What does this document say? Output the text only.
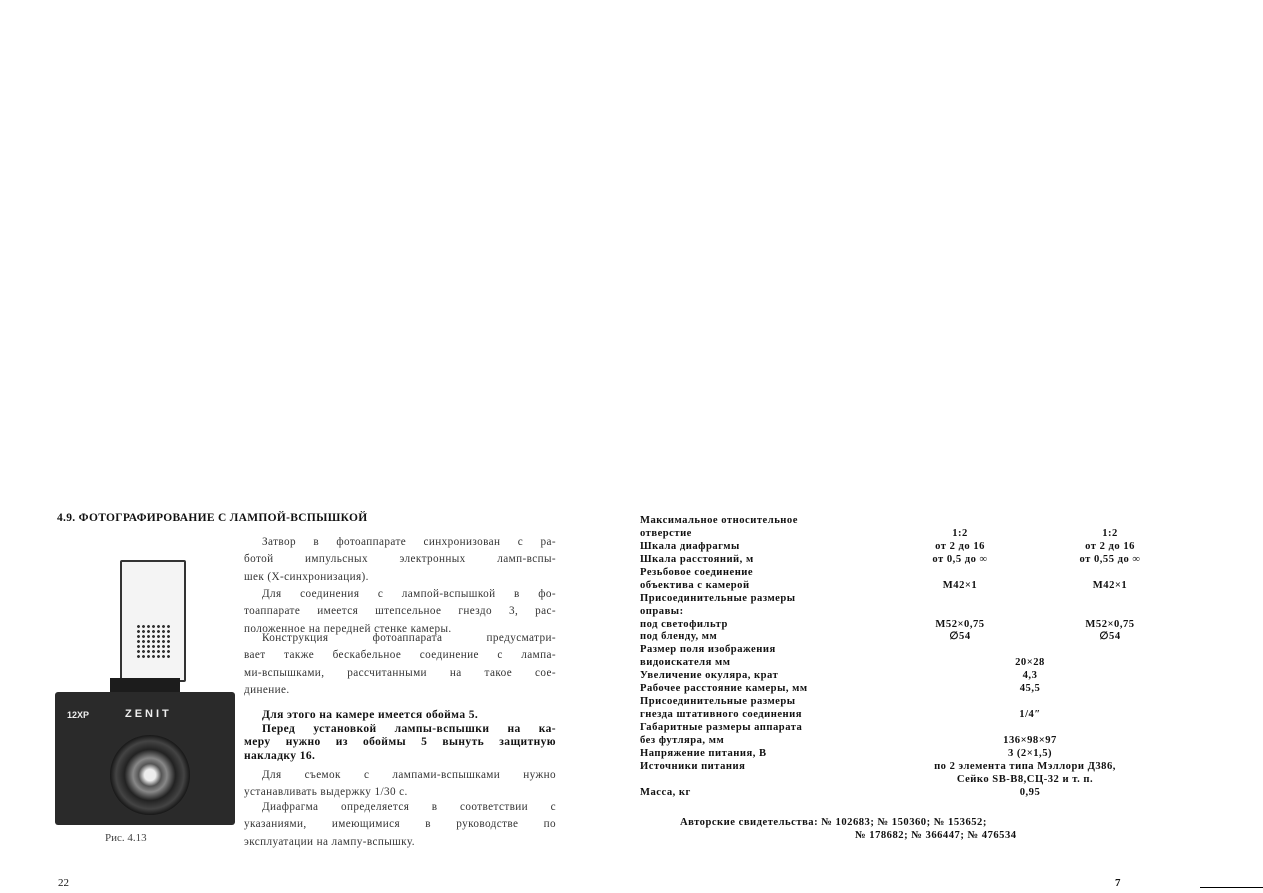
4.9. ФОТОГРАФИРОВАНИЕ С ЛАМПОЙ-ВСПЫШКОЙ
12XP	ZENIT
Рис. 4.13
Затвор в фотоаппарате синхронизован с ра-
ботой импульсных электронных ламп-вспы-
шек (Х-синхронизация).
Для соединения с лампой-вспышкой в фо-
тоаппарате имеется штепсельное гнездо 3, рас-
положенное на передней стенке камеры.
Конструкция фотоаппарата предусматри-
вает также бескабельное соединение с лампа-
ми-вспышками, рассчитанными на такое сое-
динение.
Для этого на камере имеется обойма 5.
Перед установкой лампы-вспышки на ка-
меру нужно из обоймы 5 вынуть защитную
накладку 16.
Для съемок с лампами-вспышками нужно
устанавливать выдержку 1/30 с.
Диафрагма определяется в соответствии с
указаниями, имеющимися в руководстве по
эксплуатации на лампу-вспышку.
22
Максимальное относительное
отверстие	1:2	1:2
Шкала диафрагмы	от 2 до 16	от 2 до 16
Шкала расстояний, м	от 0,5 до ∞	от 0,55 до ∞
Резьбовое соединение
объектива с камерой	М42×1	М42×1
Присоединительные размеры
оправы:
под светофильтр	М52×0,75	М52×0,75
под бленду, мм	∅54	∅54
Размер поля изображения
видоискателя мм	20×28
Увеличение окуляра, крат	4,3
Рабочее расстояние камеры, мм	45,5
Присоединительные размеры
гнезда штативного соединения	1/4″
Габаритные размеры аппарата
без футляра, мм	136×98×97
Напряжение питания, В	3 (2×1,5)
Источники питания	по 2 элемента типа Мэллори Д386,
Сейко SB-B8,СЦ-32 и т. п.
Масса, кг	0,95
Авторские свидетельства: № 102683; № 150360; № 153652;
№ 178682; № 366447; № 476534
7
